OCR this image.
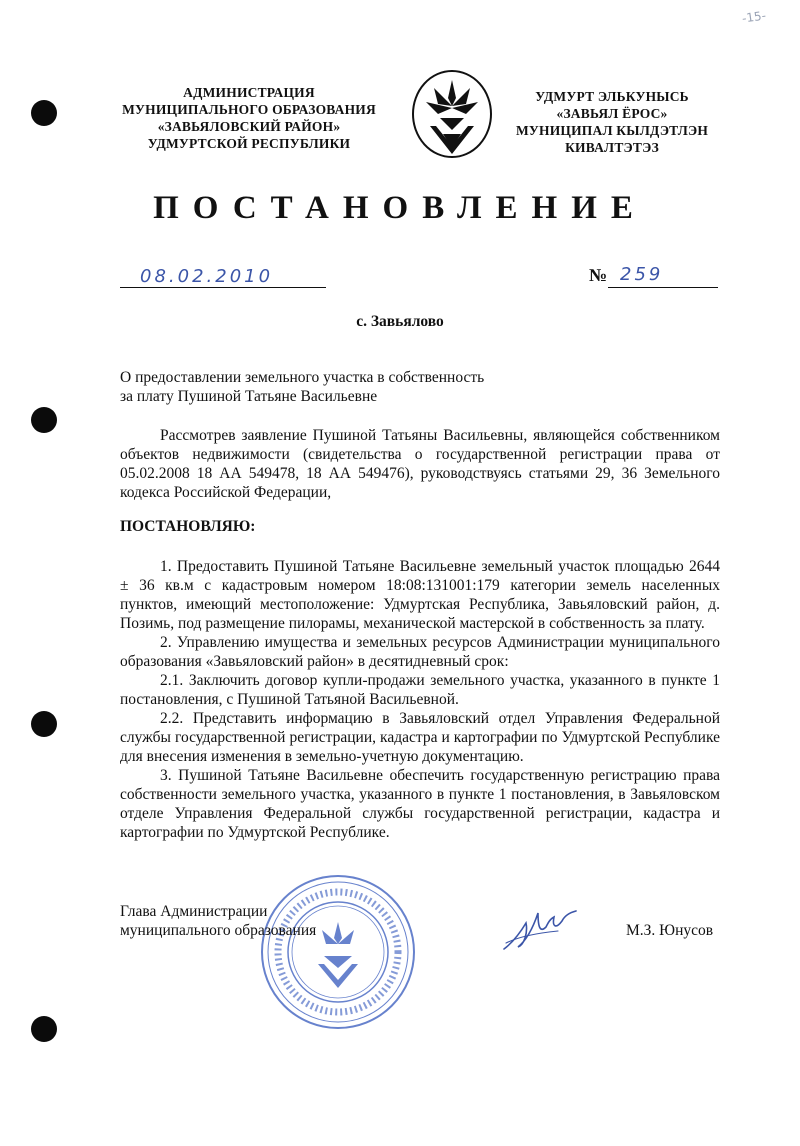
-15-
АДМИНИСТРАЦИЯ
МУНИЦИПАЛЬНОГО ОБРАЗОВАНИЯ
«ЗАВЬЯЛОВСКИЙ РАЙОН»
УДМУРТСКОЙ РЕСПУБЛИКИ
УДМУРТ ЭЛЬКУНЫСЬ
«ЗАВЬЯЛ ЁРОС»
МУНИЦИПАЛ КЫЛДЭТЛЭН
КИВАЛТЭТЭЗ
ПОСТАНОВЛЕНИЕ
08.02.2010	№ 259
с. Завьялово
О предоставлении земельного участка в собственность
за плату Пушиной Татьяне Васильевне

Рассмотрев заявление Пушиной Татьяны Васильевны, являющейся собственником объектов недвижимости (свидетельства о государственной регистрации права от 05.02.2008 18 АА 549478, 18 АА 549476), руководствуясь статьями 29, 36 Земельного кодекса Российской Федерации,

ПОСТАНОВЛЯЮ:

1. Предоставить Пушиной Татьяне Васильевне земельный участок площадью 2644 ± 36 кв.м с кадастровым номером 18:08:131001:179 категории земель населенных пунктов, имеющий местоположение: Удмуртская Республика, Завьяловский район, д. Позимь, под размещение пилорамы, механической мастерской в собственность за плату.

2. Управлению имущества и земельных ресурсов Администрации муниципального образования «Завьяловский район» в десятидневный срок:

2.1. Заключить договор купли-продажи земельного участка, указанного в пункте 1 постановления, с Пушиной Татьяной Васильевной.

2.2. Представить информацию в Завьяловский отдел Управления Федеральной службы государственной регистрации, кадастра и картографии по Удмуртской Республике для внесения изменения в земельно-учетную документацию.

3. Пушиной Татьяне Васильевне обеспечить государственную регистрацию права собственности земельного участка, указанного в пункте 1 постановления, в Завьяловском отделе Управления Федеральной службы государственной регистрации, кадастра и картографии по Удмуртской Республике.

Глава Администрации
муниципального образования	М.З. Юнусов
